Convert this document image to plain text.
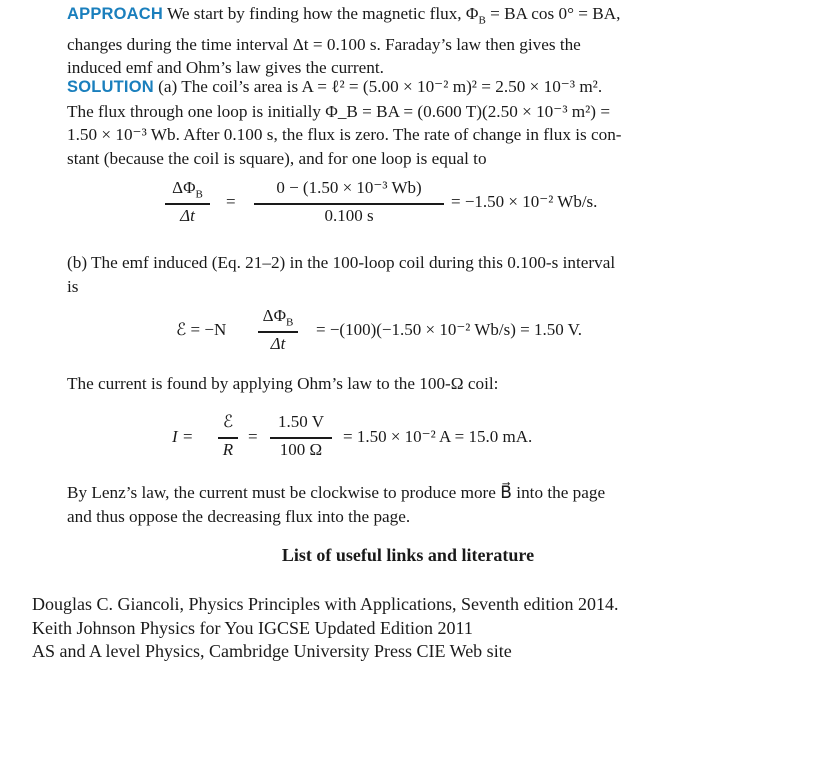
APPROACH We start by finding how the magnetic flux, $\Phi_B$ = BA cos 0° = BA,
changes during the time interval Δt = 0.100 s. Faraday’s law then gives the
induced emf and Ohm’s law gives the current.
SOLUTION (a) The coil’s area is A = ℓ² = (5.00 × 10⁻² m)² = 2.50 × 10⁻³ m².
The flux through one loop is initially Φ_B = BA = (0.600 T)(2.50 × 10⁻³ m²) =
1.50 × 10⁻³ Wb. After 0.100 s, the flux is zero. The rate of change in flux is con-
stant (because the coil is square), and for one loop is equal to
$\Delta\Phi_B$
Δt
=
0 − (1.50 × 10⁻³ Wb)
0.100 s
= −1.50 × 10⁻² Wb/s.
(b) The emf induced (Eq. 21–2) in the 100-loop coil during this 0.100-s interval
is
ℰ = −N
$\Delta\Phi_B$
Δt
= −(100)(−1.50 × 10⁻² Wb/s) = 1.50 V.
The current is found by applying Ohm’s law to the 100-Ω coil:
I =
ℰ
R
=
1.50 V
100 Ω
= 1.50 × 10⁻² A = 15.0 mA.
By Lenz’s law, the current must be clockwise to produce more B⃗ into the page
and thus oppose the decreasing flux into the page.
List of useful links and literature
Douglas C. Giancoli, Physics Principles with Applications, Seventh edition 2014.
Keith Johnson Physics for You IGCSE Updated Edition 2011
AS and A level Physics, Cambridge University Press CIE Web site
